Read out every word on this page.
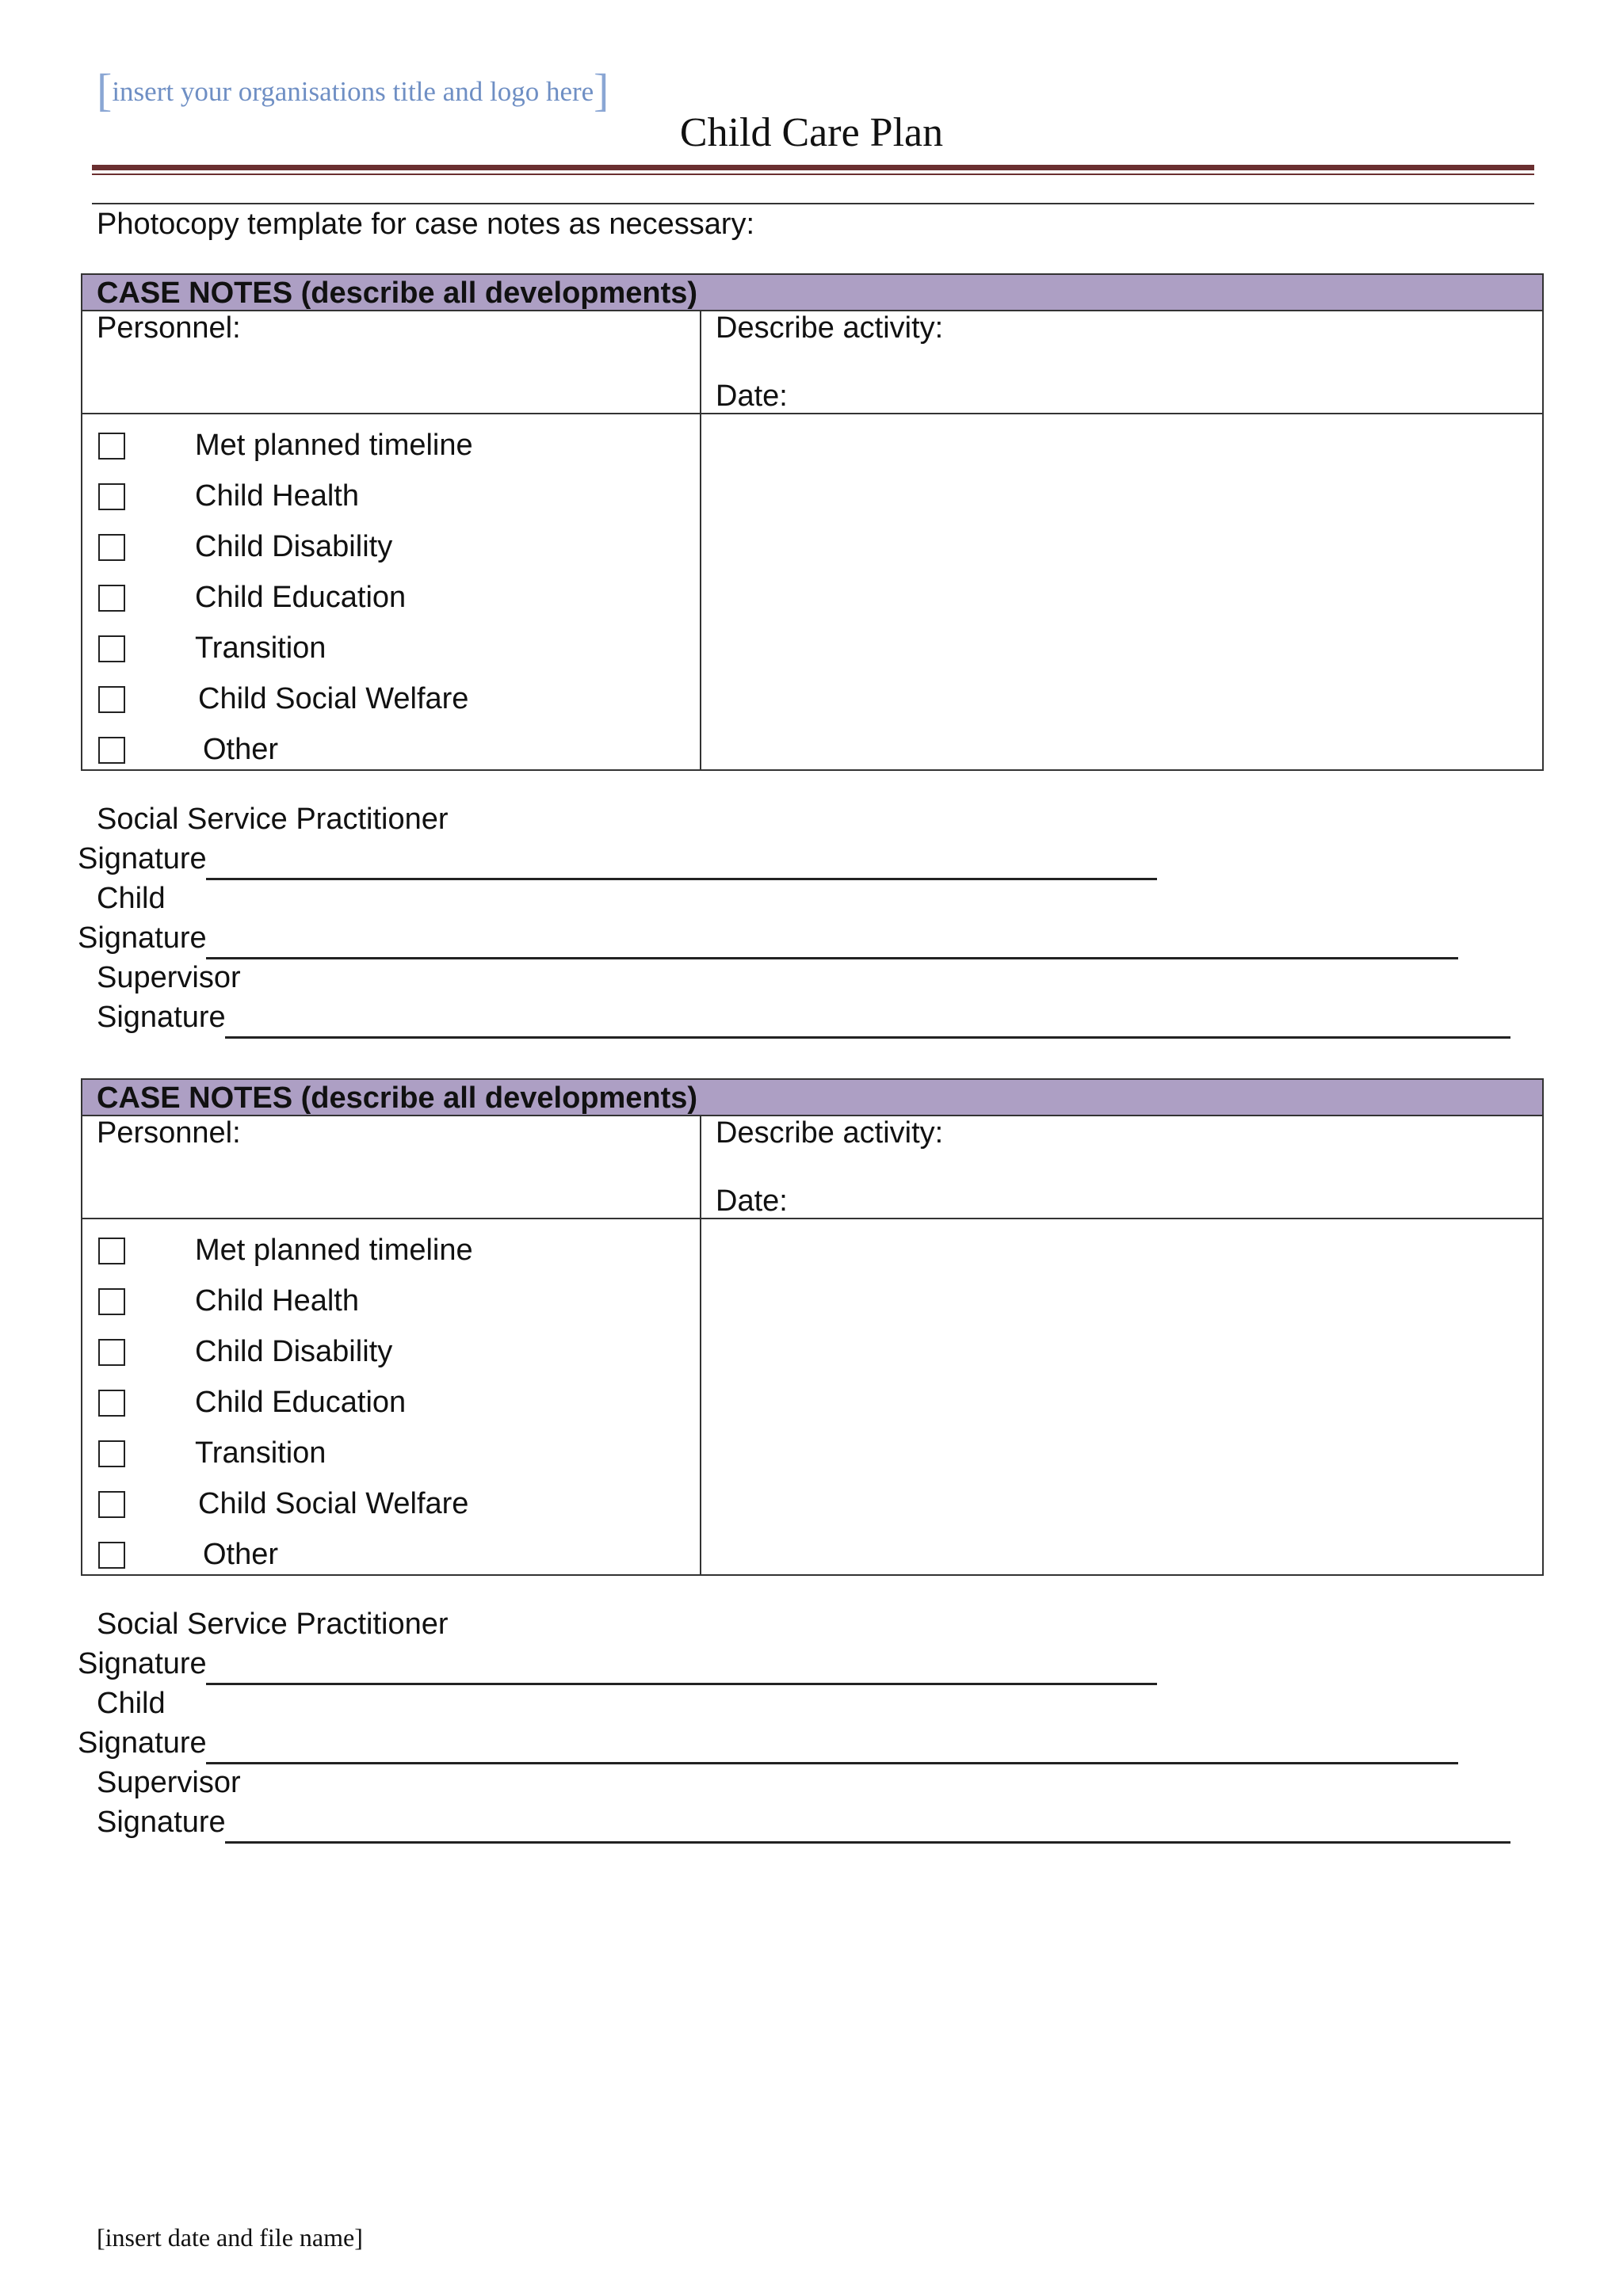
[insert your organisations title and logo here]
Child Care Plan
Photocopy template for case notes as necessary:
CASE NOTES (describe all developments)
Personnel:	Describe activity:
Date:
Met planned timeline
Child Health
Child Disability
Child Education
Transition
Child Social Welfare
Other
Social Service Practitioner
Signature
Child
Signature
Supervisor
Signature
CASE NOTES (describe all developments)
Personnel:	Describe activity:
Date:
Met planned timeline
Child Health
Child Disability
Child Education
Transition
Child Social Welfare
Other
Social Service Practitioner
Signature
Child
Signature
Supervisor
Signature
[insert date and file name]
